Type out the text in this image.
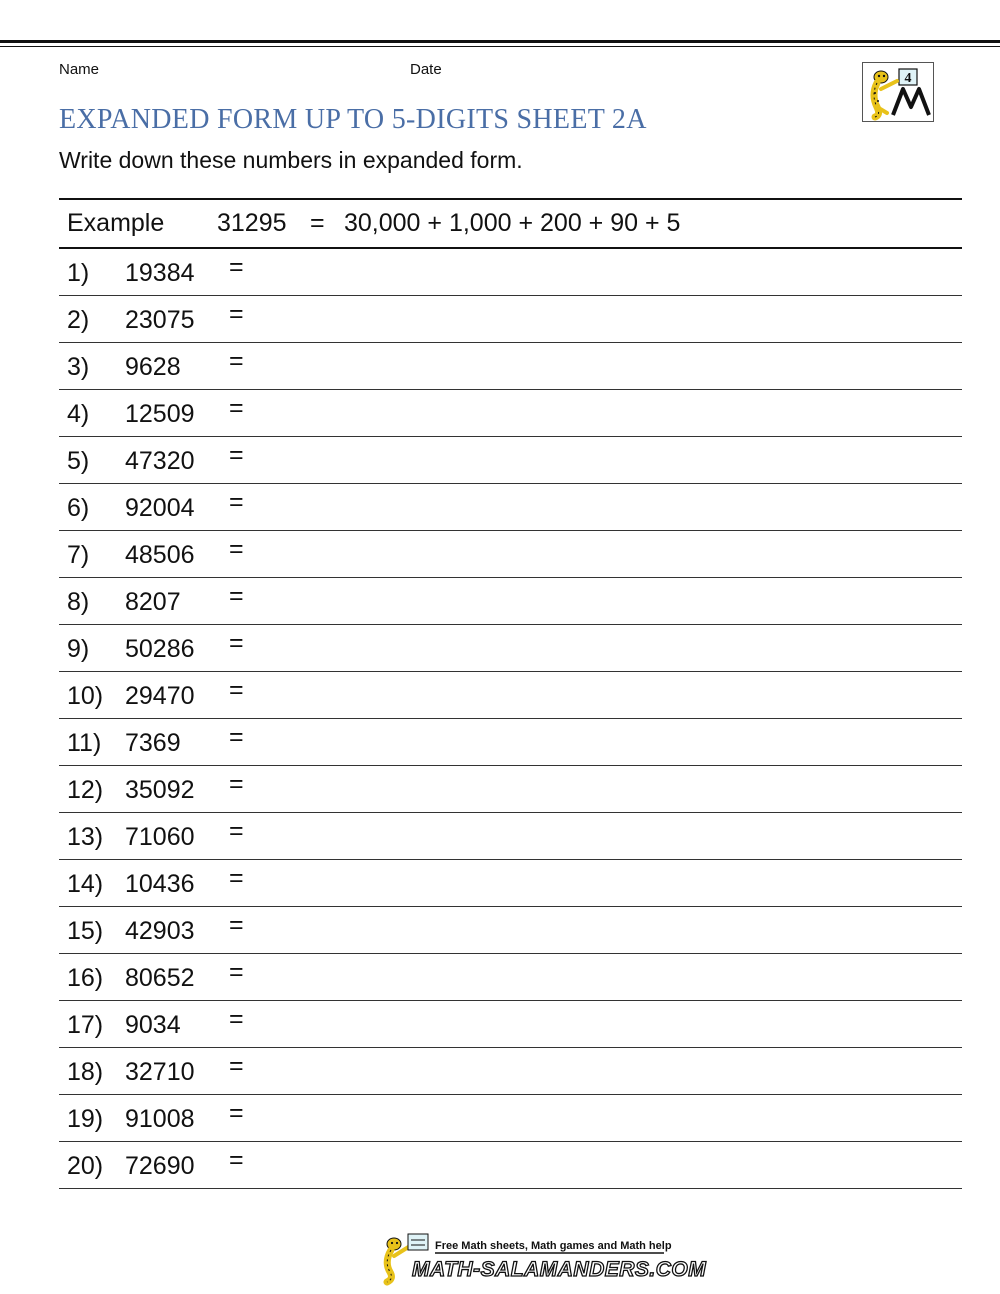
Name	Date
4
EXPANDED FORM UP TO 5-DIGITS SHEET 2A
Write down these numbers in expanded form.
Example 31295 = 30,000 + 1,000 + 200 + 90 + 5
1) 19384 =
2) 23075 =
3) 9628 =
4) 12509 =
5) 47320 =
6) 92004 =
7) 48506 =
8) 8207 =
9) 50286 =
10) 29470 =
11) 7369 =
12) 35092 =
13) 71060 =
14) 10436 =
15) 42903 =
16) 80652 =
17) 9034 =
18) 32710 =
19) 91008 =
20) 72690 =
Free Math sheets, Math games and Math help
MATH-SALAMANDERS.COM
